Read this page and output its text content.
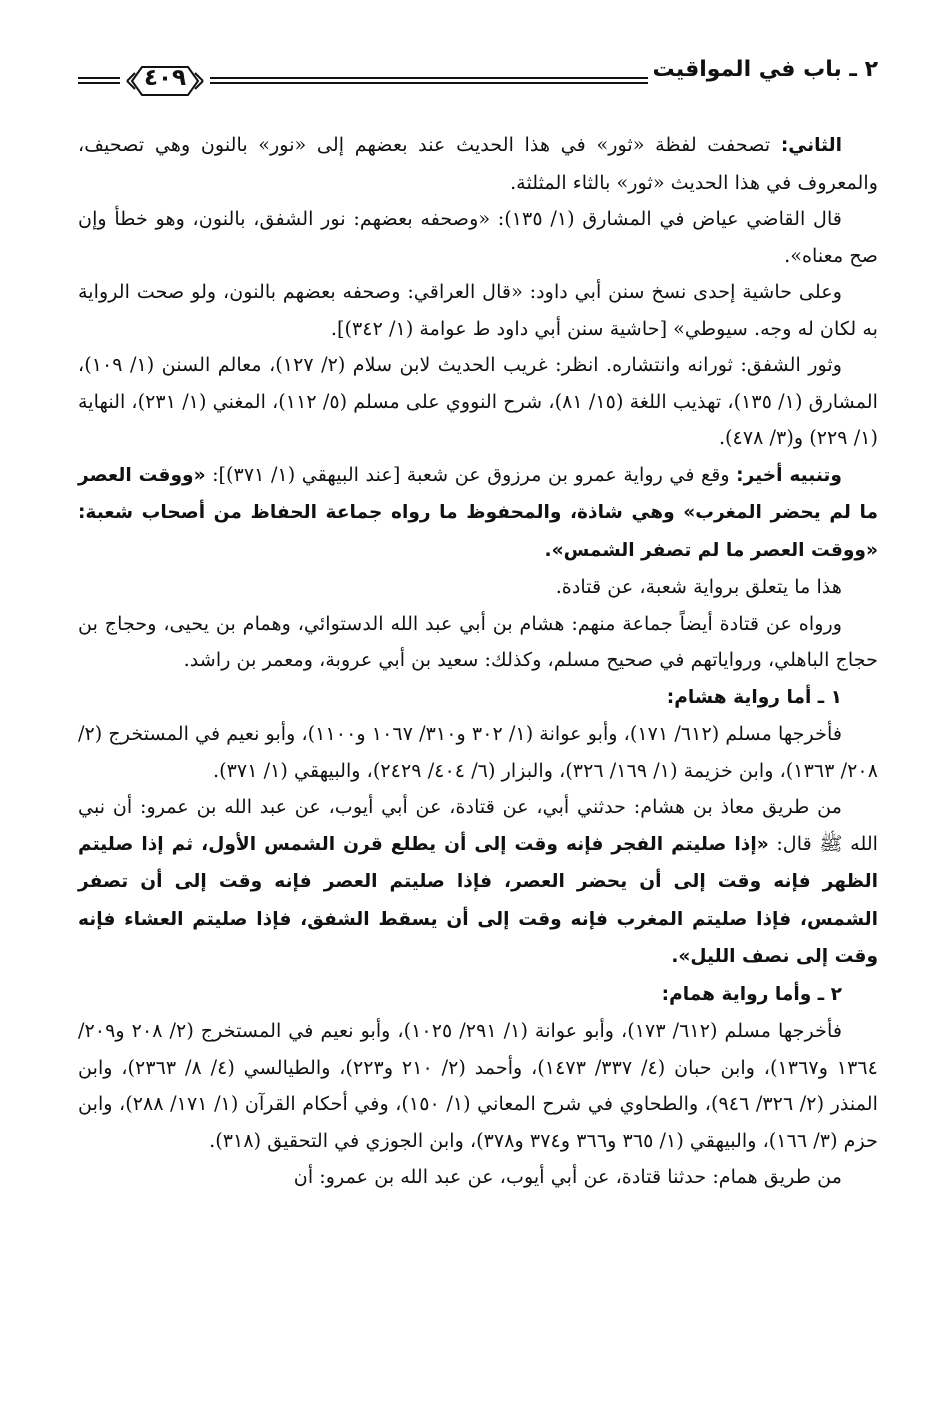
٢ ـ باب في المواقيت
٤٠٩

الثاني: تصحفت لفظة «ثور» في هذا الحديث عند بعضهم إلى «نور» بالنون وهي تصحيف، والمعروف في هذا الحديث «ثور» بالثاء المثلثة.

قال القاضي عياض في المشارق (١/ ١٣٥): «وصحفه بعضهم: نور الشفق، بالنون، وهو خطأ وإن صح معناه».

وعلى حاشية إحدى نسخ سنن أبي داود: «قال العراقي: وصحفه بعضهم بالنون، ولو صحت الرواية به لكان له وجه. سيوطي» [حاشية سنن أبي داود ط عوامة (١/ ٣٤٢)].

وثور الشفق: ثورانه وانتشاره. انظر: غريب الحديث لابن سلام (٢/ ١٢٧)، معالم السنن (١/ ١٠٩)، المشارق (١/ ١٣٥)، تهذيب اللغة (١٥/ ٨١)، شرح النووي على مسلم (٥/ ١١٢)، المغني (١/ ٢٣١)، النهاية (١/ ٢٢٩) و(٣/ ٤٧٨).

وتنبيه أخير: وقع في رواية عمرو بن مرزوق عن شعبة [عند البيهقي (١/ ٣٧١)]: «ووقت العصر ما لم يحضر المغرب» وهي شاذة، والمحفوظ ما رواه جماعة الحفاظ من أصحاب شعبة: «ووقت العصر ما لم تصفر الشمس».

هذا ما يتعلق برواية شعبة، عن قتادة.

ورواه عن قتادة أيضاً جماعة منهم: هشام بن أبي عبد الله الدستوائي، وهمام بن يحيى، وحجاج بن حجاج الباهلي، ورواياتهم في صحيح مسلم، وكذلك: سعيد بن أبي عروبة، ومعمر بن راشد.

١ ـ أما رواية هشام:

فأخرجها مسلم (٦١٢/ ١٧١)، وأبو عوانة (١/ ٣٠٢ و٣١٠/ ١٠٦٧ و١١٠٠)، وأبو نعيم في المستخرج (٢/ ٢٠٨/ ١٣٦٣)، وابن خزيمة (١/ ١٦٩/ ٣٢٦)، والبزار (٦/ ٤٠٤/ ٢٤٢٩)، والبيهقي (١/ ٣٧١).

من طريق معاذ بن هشام: حدثني أبي، عن قتادة، عن أبي أيوب، عن عبد الله بن عمرو: أن نبي الله ﷺ قال: «إذا صليتم الفجر فإنه وقت إلى أن يطلع قرن الشمس الأول، ثم إذا صليتم الظهر فإنه وقت إلى أن يحضر العصر، فإذا صليتم العصر فإنه وقت إلى أن تصفر الشمس، فإذا صليتم المغرب فإنه وقت إلى أن يسقط الشفق، فإذا صليتم العشاء فإنه وقت إلى نصف الليل».

٢ ـ وأما رواية همام:

فأخرجها مسلم (٦١٢/ ١٧٣)، وأبو عوانة (١/ ٢٩١/ ١٠٢٥)، وأبو نعيم في المستخرج (٢/ ٢٠٨ و٢٠٩/ ١٣٦٤ و١٣٦٧)، وابن حبان (٤/ ٣٣٧/ ١٤٧٣)، وأحمد (٢/ ٢١٠ و٢٢٣)، والطيالسي (٤/ ٨/ ٢٣٦٣)، وابن المنذر (٢/ ٣٢٦/ ٩٤٦)، والطحاوي في شرح المعاني (١/ ١٥٠)، وفي أحكام القرآن (١/ ١٧١/ ٢٨٨)، وابن حزم (٣/ ١٦٦)، والبيهقي (١/ ٣٦٥ و٣٦٦ و٣٧٤ و٣٧٨)، وابن الجوزي في التحقيق (٣١٨).

من طريق همام: حدثنا قتادة، عن أبي أيوب، عن عبد الله بن عمرو: أن
